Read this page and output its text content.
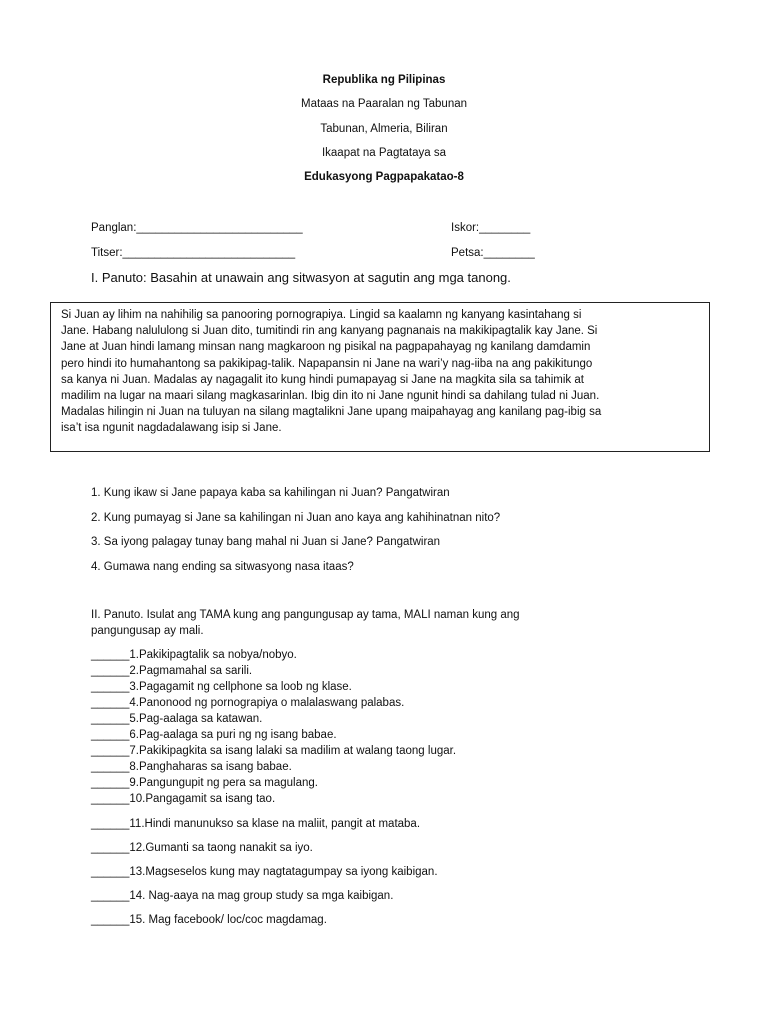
Republika ng Pilipinas
Mataas na Paaralan ng Tabunan
Tabunan, Almeria, Biliran
Ikaapat na Pagtataya sa
Edukasyong Pagpapakatao-8
Panglan:__________________________	Iskor:________
Titser:___________________________	Petsa:________
I. Panuto: Basahin at unawain ang sitwasyon at sagutin ang mga tanong.
Si Juan ay lihim na nahihilig sa panooring pornograpiya. Lingid sa kaalamn ng kanyang kasintahang si
Jane. Habang nalululong si Juan dito, tumitindi rin ang kanyang pagnanais na makikipagtalik kay Jane. Si
Jane at Juan hindi lamang minsan nang magkaroon ng pisikal na pagpapahayag ng kanilang damdamin
pero hindi ito humahantong sa pakikipag-talik. Napapansin ni Jane na wari’y nag-iiba na ang pakikitungo
sa kanya ni Juan. Madalas ay nagagalit ito kung hindi pumapayag si Jane na magkita sila sa tahimik at
madilim na lugar na maari silang magkasarinlan. Ibig din ito ni Jane ngunit hindi sa dahilang tulad ni Juan.
Madalas hilingin ni Juan na tuluyan na silang magtalikni Jane upang maipahayag ang kanilang pag-ibig sa
isa’t isa ngunit nagdadalawang isip si Jane.
1. Kung ikaw si Jane papaya kaba sa kahilingan ni Juan? Pangatwiran
2. Kung pumayag si Jane sa kahilingan ni Juan ano kaya ang kahihinatnan nito?
3. Sa iyong palagay tunay bang mahal ni Juan si Jane? Pangatwiran
4. Gumawa nang ending sa sitwasyong nasa itaas?
II. Panuto. Isulat ang TAMA kung ang pangungusap ay tama, MALI naman kung ang
pangungusap ay mali.
______1.Pakikipagtalik sa nobya/nobyo.
______2.Pagmamahal sa sarili.
______3.Pagagamit ng cellphone sa loob ng klase.
______4.Panonood ng pornograpiya o malalaswang palabas.
______5.Pag-aalaga sa katawan.
______6.Pag-aalaga sa puri ng ng isang babae.
______7.Pakikipagkita sa isang lalaki sa madilim at walang taong lugar.
______8.Panghaharas sa isang babae.
______9.Pangungupit ng pera sa magulang.
______10.Pangagamit sa isang tao.
______11.Hindi manunukso sa klase na maliit, pangit at mataba.
______12.Gumanti sa taong nanakit sa iyo.
______13.Magseselos kung may nagtatagumpay sa iyong kaibigan.
______14. Nag-aaya na mag group study sa mga kaibigan.
______15. Mag facebook/ loc/coc magdamag.
